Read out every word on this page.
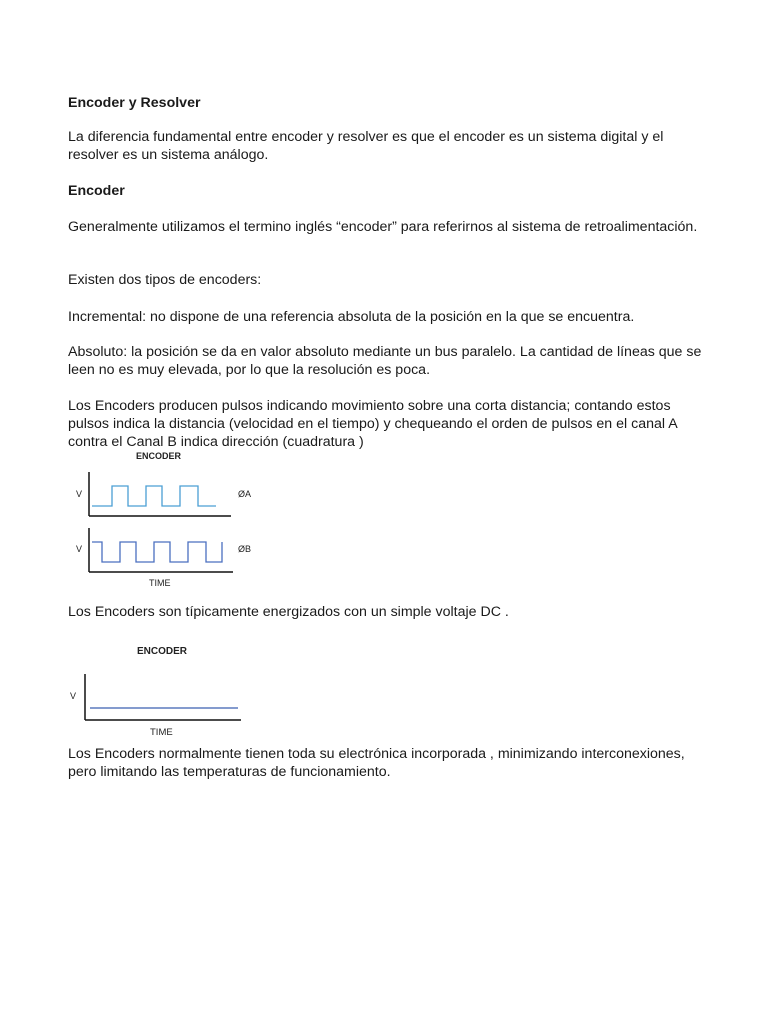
Encoder y Resolver

La diferencia fundamental entre encoder y resolver es que el encoder es un sistema digital y el resolver es un sistema análogo.

Encoder

Generalmente utilizamos el termino inglés “encoder” para referirnos al sistema de retroalimentación.

Existen dos tipos de encoders:

Incremental: no dispone de una referencia absoluta de la posición en la que se encuentra.

Absoluto: la posición se da en valor absoluto mediante un bus paralelo. La cantidad de líneas que se leen no es muy elevada, por lo que la resolución es poca.

Los Encoders producen pulsos indicando movimiento sobre una corta distancia; contando estos pulsos indica la distancia (velocidad en el tiempo) y chequeando el orden de pulsos en el canal A contra el Canal B indica dirección (cuadratura )

ENCODER
V	ØA
V	ØB
TIME

Los Encoders son típicamente energizados con un simple voltaje DC .

ENCODER
V
TIME

Los Encoders normalmente tienen toda su electrónica incorporada , minimizando interconexiones, pero limitando las temperaturas de funcionamiento.
